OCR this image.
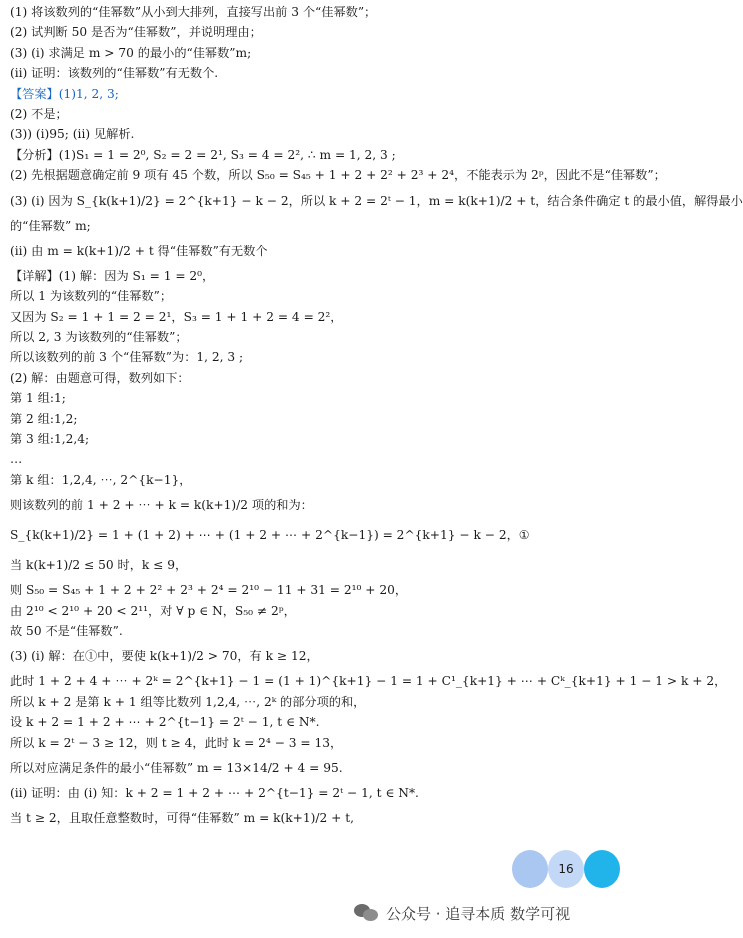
(1) 将该数列的“佳幂数”从小到大排列，直接写出前 3 个“佳幂数”；
(2) 试判断 50 是否为“佳幂数”，并说明理由；
(3) (i) 求满足 m > 70 的最小的“佳幂数”m;
(ii) 证明：该数列的“佳幂数”有无数个.
【答案】(1)1, 2, 3;
(2) 不是；
(3)) (i)95; (ii) 见解析.
【分析】(1)S₁ = 1 = 2⁰, S₂ = 2 = 2¹, S₃ = 4 = 2², ∴ m = 1, 2, 3 ;
(2) 先根据题意确定前 9 项有 45 个数，所以 S₅₀ = S₄₅ + 1 + 2 + 2² + 2³ + 2⁴，不能表示为 2ᵖ，因此不是“佳幂数”；
(3) (i) 因为 S_{k(k+1)/2} = 2^{k+1} − k − 2，所以 k + 2 = 2ᵗ − 1，m = k(k+1)/2 + t，结合条件确定 t 的最小值，解得最小
的“佳幂数” m;
(ii) 由 m = k(k+1)/2 + t 得“佳幂数”有无数个
【详解】(1) 解：因为 S₁ = 1 = 2⁰，
所以 1 为该数列的“佳幂数”；
又因为 S₂ = 1 + 1 = 2 = 2¹，S₃ = 1 + 1 + 2 = 4 = 2²，
所以 2, 3 为该数列的“佳幂数”；
所以该数列的前 3 个“佳幂数”为：1, 2, 3 ;
(2) 解：由题意可得，数列如下：
第 1 组:1;
第 2 组:1,2;
第 3 组:1,2,4;
…
第 k 组：1,2,4, ⋯, 2^{k−1}，
则该数列的前 1 + 2 + ⋯ + k = k(k+1)/2 项的和为：
S_{k(k+1)/2} = 1 + (1 + 2) + ⋯ + (1 + 2 + ⋯ + 2^{k−1}) = 2^{k+1} − k − 2，①
当 k(k+1)/2 ≤ 50 时，k ≤ 9，
则 S₅₀ = S₄₅ + 1 + 2 + 2² + 2³ + 2⁴ = 2¹⁰ − 11 + 31 = 2¹⁰ + 20，
由 2¹⁰ < 2¹⁰ + 20 < 2¹¹，对 ∀ p ∈ N，S₅₀ ≠ 2ᵖ，
故 50 不是“佳幂数”.
(3) (i) 解：在①中，要使 k(k+1)/2 > 70，有 k ≥ 12，
此时 1 + 2 + 4 + ⋯ + 2ᵏ = 2^{k+1} − 1 = (1 + 1)^{k+1} − 1 = 1 + C¹_{k+1} + ⋯ + Cᵏ_{k+1} + 1 − 1 > k + 2，
所以 k + 2 是第 k + 1 组等比数列 1,2,4, ⋯, 2ᵏ 的部分项的和，
设 k + 2 = 1 + 2 + ⋯ + 2^{t−1} = 2ᵗ − 1, t ∈ N*.
所以 k = 2ᵗ − 3 ≥ 12，则 t ≥ 4，此时 k = 2⁴ − 3 = 13，
所以对应满足条件的最小“佳幂数” m = 13×14/2 + 4 = 95.
(ii) 证明：由 (i) 知：k + 2 = 1 + 2 + ⋯ + 2^{t−1} = 2ᵗ − 1, t ∈ N*.
当 t ≥ 2，且取任意整数时，可得“佳幂数” m = k(k+1)/2 + t,
16
公众号 · 追寻本质 数学可视
